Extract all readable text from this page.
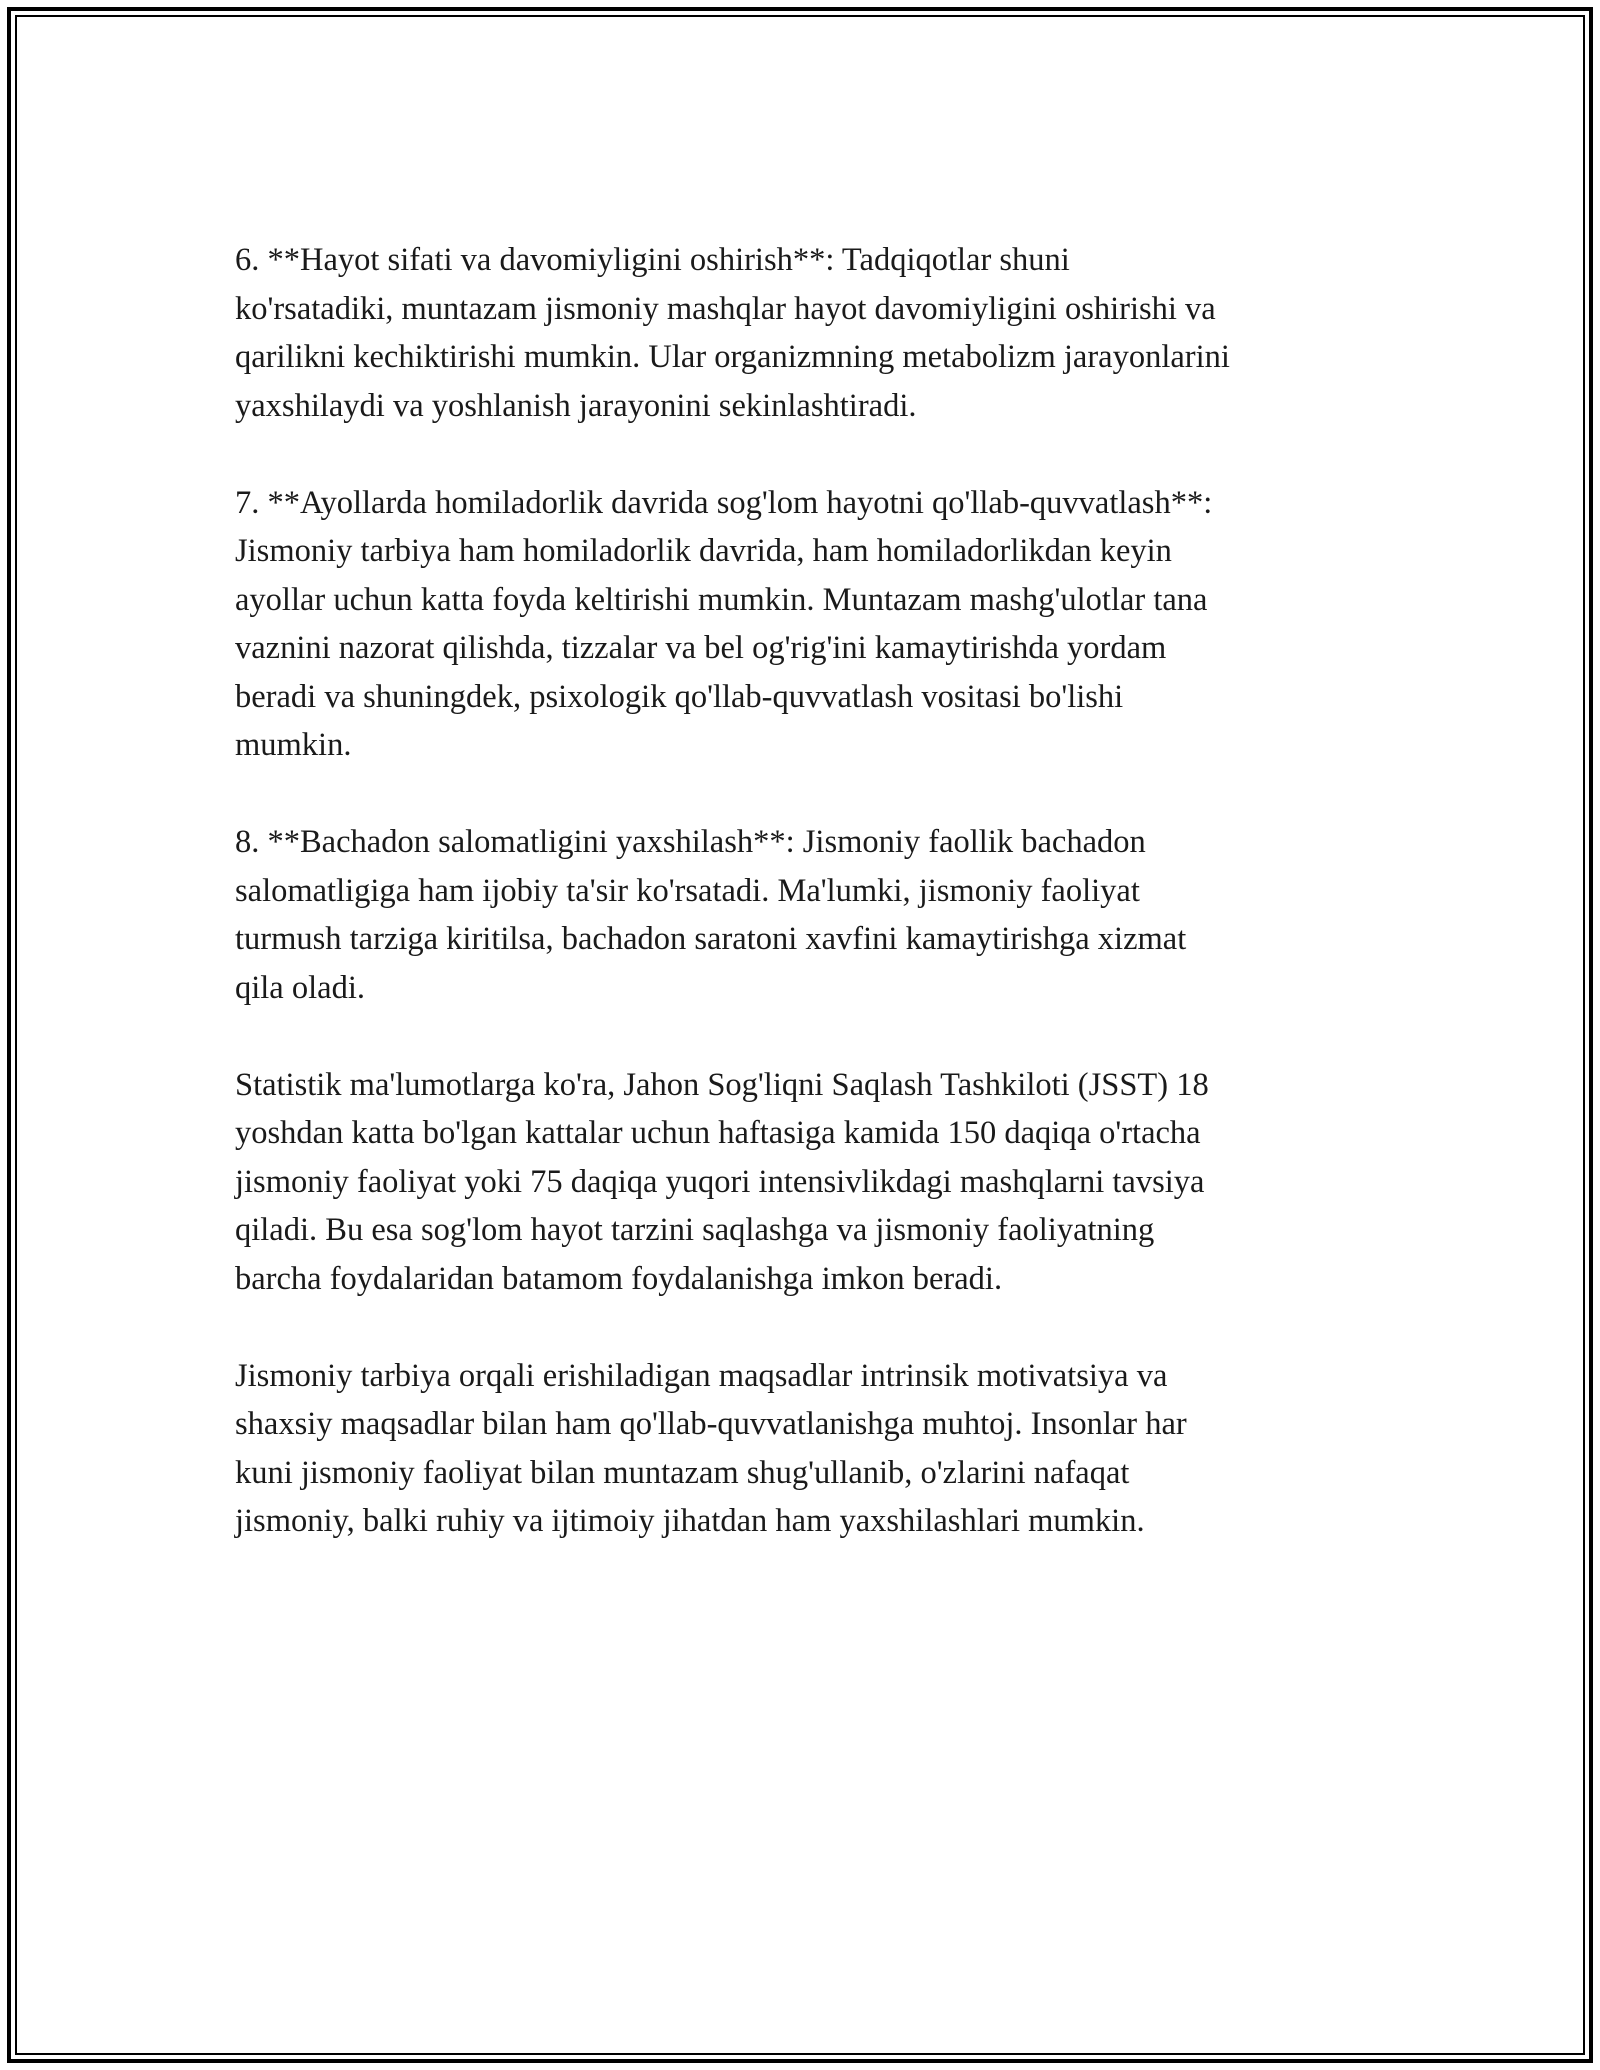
6. **Hayot sifati va davomiyligini oshirish**: Tadqiqotlar shuni
ko'rsatadiki, muntazam jismoniy mashqlar hayot davomiyligini oshirishi va
qarilikni kechiktirishi mumkin. Ular organizmning metabolizm jarayonlarini
yaxshilaydi va yoshlanish jarayonini sekinlashtiradi.

7. **Ayollarda homiladorlik davrida sog'lom hayotni qo'llab-quvvatlash**:
Jismoniy tarbiya ham homiladorlik davrida, ham homiladorlikdan keyin
ayollar uchun katta foyda keltirishi mumkin. Muntazam mashg'ulotlar tana
vaznini nazorat qilishda, tizzalar va bel og'rig'ini kamaytirishda yordam
beradi va shuningdek, psixologik qo'llab-quvvatlash vositasi bo'lishi
mumkin.

8. **Bachadon salomatligini yaxshilash**: Jismoniy faollik bachadon
salomatligiga ham ijobiy ta'sir ko'rsatadi. Ma'lumki, jismoniy faoliyat
turmush tarziga kiritilsa, bachadon saratoni xavfini kamaytirishga xizmat
qila oladi.

Statistik ma'lumotlarga ko'ra, Jahon Sog'liqni Saqlash Tashkiloti (JSST) 18
yoshdan katta bo'lgan kattalar uchun haftasiga kamida 150 daqiqa o'rtacha
jismoniy faoliyat yoki 75 daqiqa yuqori intensivlikdagi mashqlarni tavsiya
qiladi. Bu esa sog'lom hayot tarzini saqlashga va jismoniy faoliyatning
barcha foydalaridan batamom foydalanishga imkon beradi.

Jismoniy tarbiya orqali erishiladigan maqsadlar intrinsik motivatsiya va
shaxsiy maqsadlar bilan ham qo'llab-quvvatlanishga muhtoj. Insonlar har
kuni jismoniy faoliyat bilan muntazam shug'ullanib, o'zlarini nafaqat
jismoniy, balki ruhiy va ijtimoiy jihatdan ham yaxshilashlari mumkin.
